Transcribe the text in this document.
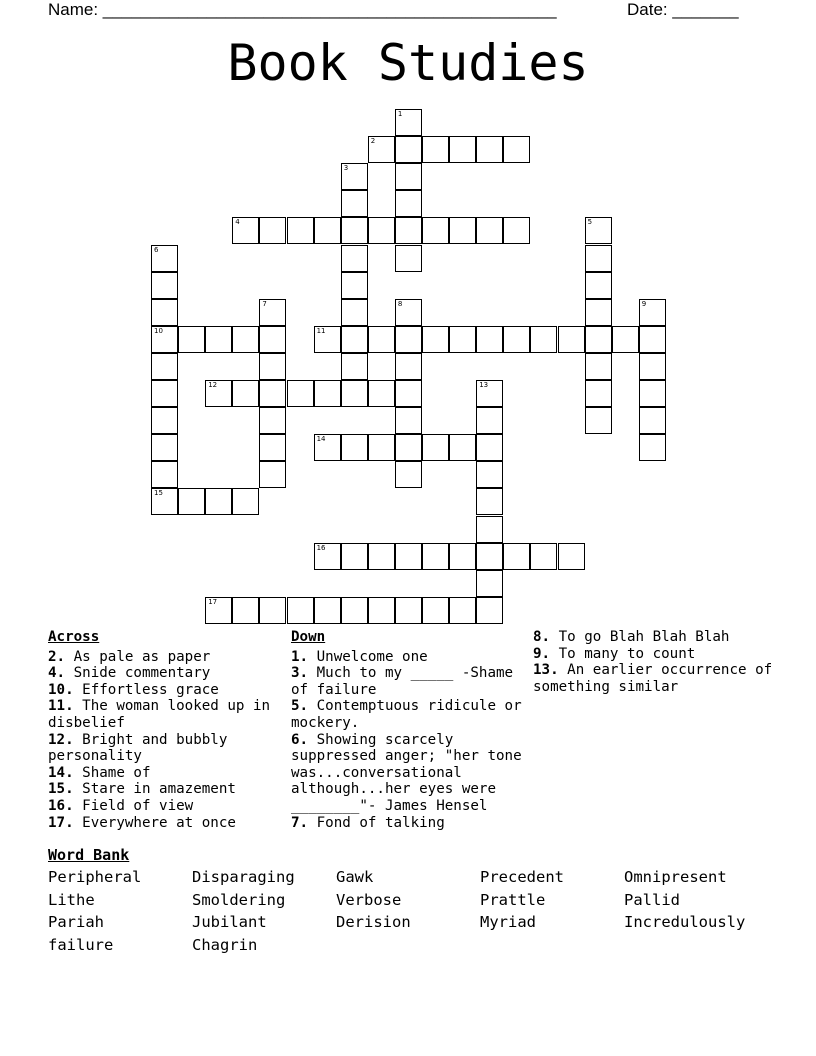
Name: ________________________________________________	Date: _______
Book Studies
1
2
3
4	5
6
10
15
7	8	9
11
12	13
14
16
17
Across
2. As pale as paper
4. Snide commentary
10. Effortless grace
11. The woman looked up in disbelief
12. Bright and bubbly personality
14. Shame of
15. Stare in amazement
16. Field of view
17. Everywhere at once
Down
1. Unwelcome one
3. Much to my _____ -Shame of failure
5. Contemptuous ridicule or mockery.
6. Showing scarcely suppressed anger; "her tone was...conversational although...her eyes were ________"- James Hensel
7. Fond of talking
8. To go Blah Blah Blah
9. To many to count
13. An earlier occurrence of something similar
Word Bank
Peripheral	Disparaging	Gawk	Precedent	Omnipresent
Lithe	Smoldering	Verbose	Prattle	Pallid
Pariah	Jubilant	Derision	Myriad	Incredulously
failure	Chagrin
